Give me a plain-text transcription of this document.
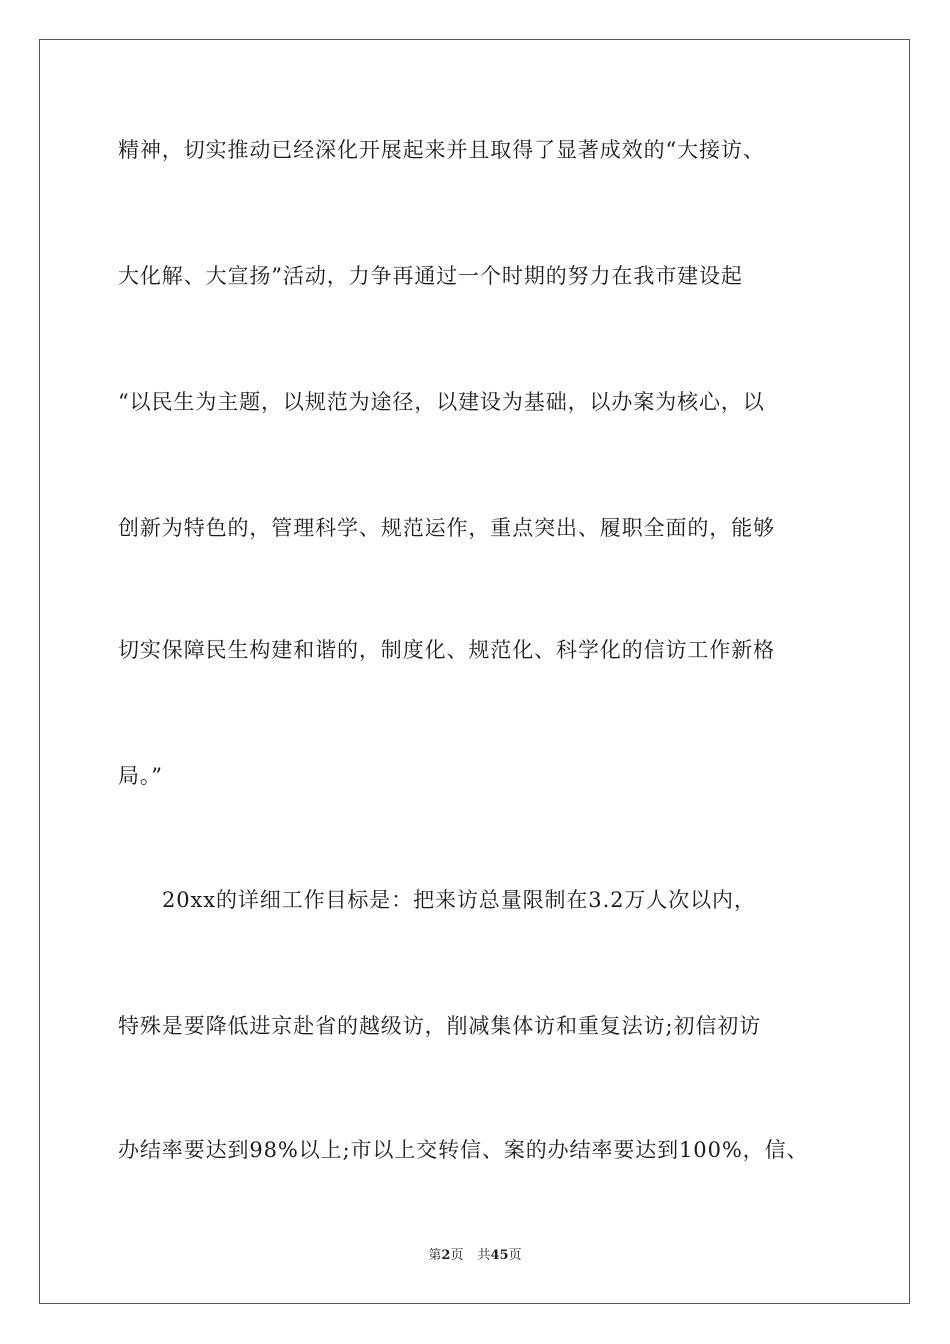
精神，切实推动已经深化开展起来并且取得了显著成效的“大接访、
大化解、大宣扬”活动，力争再通过一个时期的努力在我市建设起
“以民生为主题，以规范为途径，以建设为基础，以办案为核心，以
创新为特色的，管理科学、规范运作，重点突出、履职全面的，能够
切实保障民生构建和谐的，制度化、规范化、科学化的信访工作新格
局。”
20xx的详细工作目标是：把来访总量限制在3.2万人次以内，
特殊是要降低进京赴省的越级访，削减集体访和重复法访;初信初访
办结率要达到98%以上;市以上交转信、案的办结率要达到100%，信、
第2页 共45页
